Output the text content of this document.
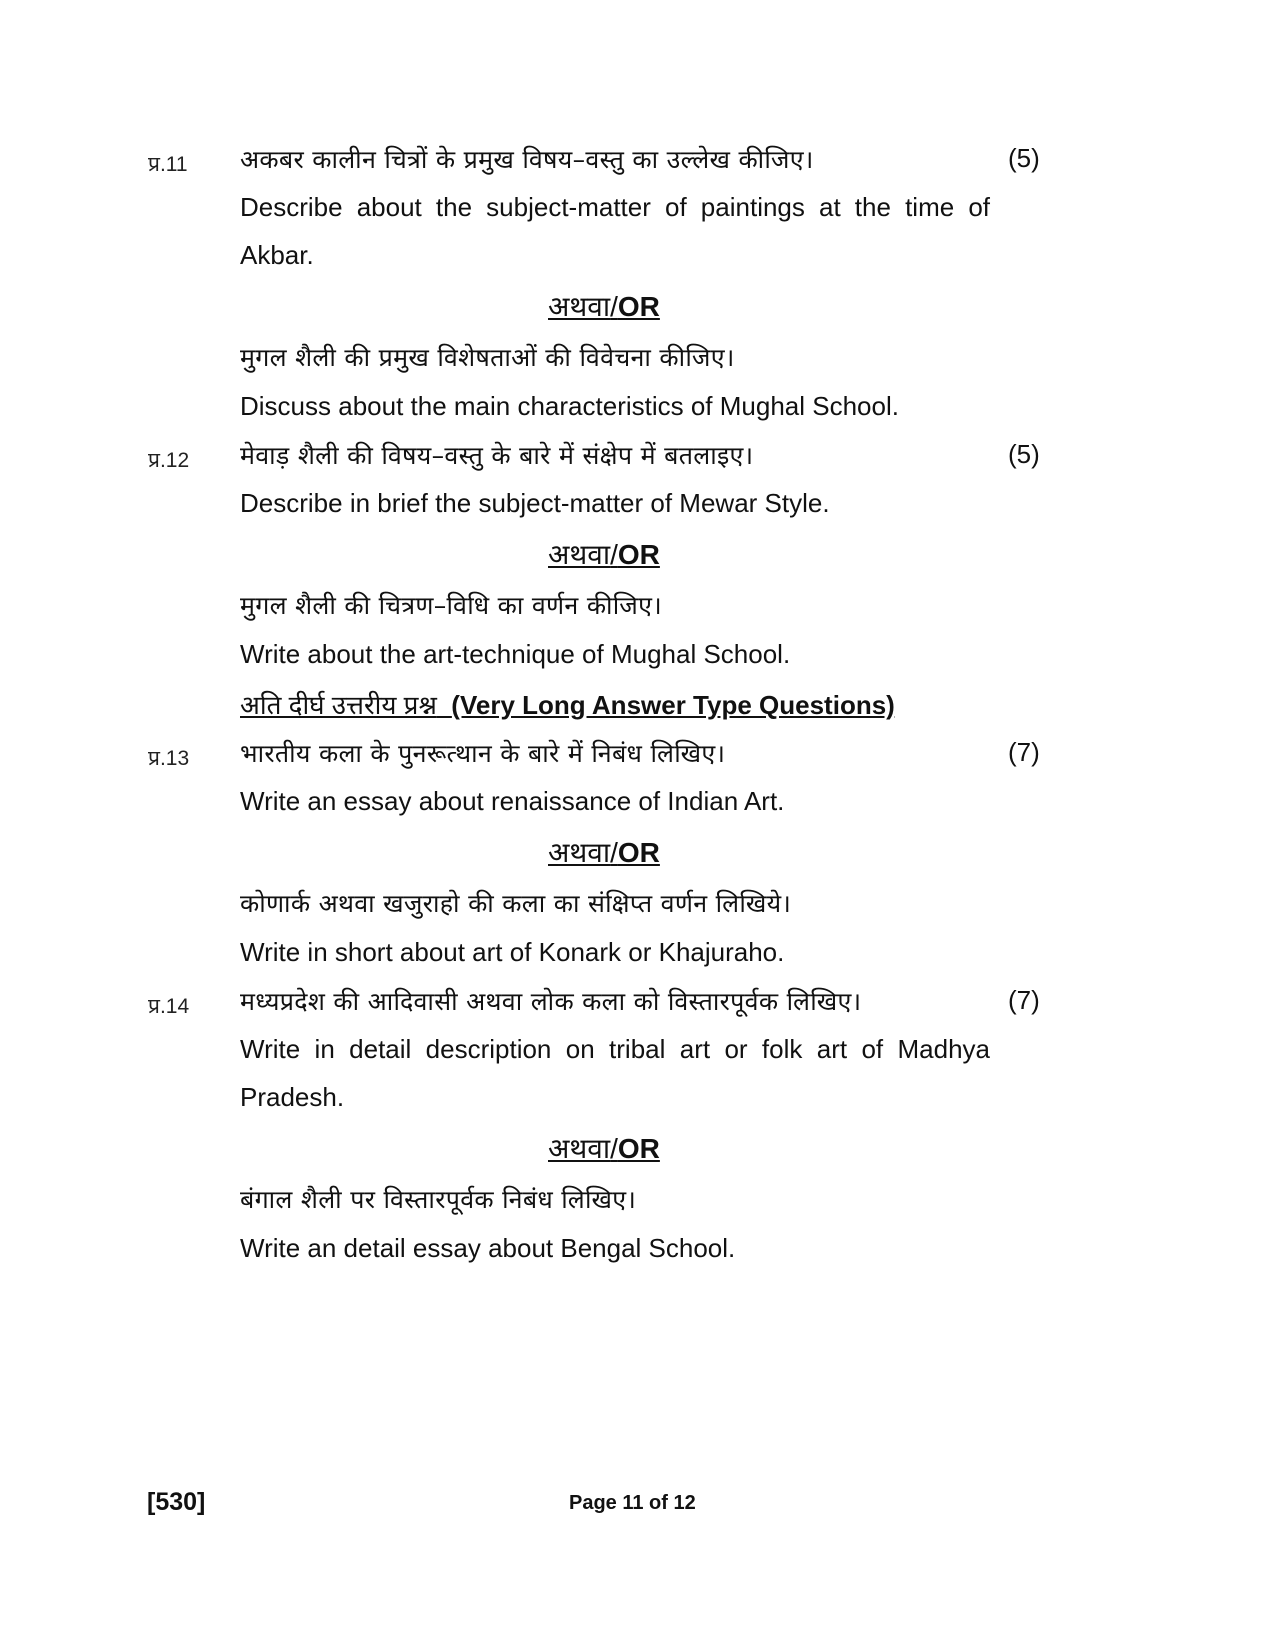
प्र.11 अकबर कालीन चित्रों के प्रमुख विषय–वस्तु का उल्लेख कीजिए।	(5)
Describe about the subject-matter of paintings at the time of
Akbar.
अथवा/OR
मुगल शैली की प्रमुख विशेषताओं की विवेचना कीजिए।
Discuss about the main characteristics of Mughal School.
प्र.12 मेवाड़ शैली की विषय–वस्तु के बारे में संक्षेप में बतलाइए।	(5)
Describe in brief the subject-matter of Mewar Style.
अथवा/OR
मुगल शैली की चित्रण–विधि का वर्णन कीजिए।
Write about the art-technique of Mughal School.
अति दीर्घ उत्तरीय प्रश्न (Very Long Answer Type Questions)
प्र.13 भारतीय कला के पुनरूत्थान के बारे में निबंध लिखिए।	(7)
Write an essay about renaissance of Indian Art.
अथवा/OR
कोणार्क अथवा खजुराहो की कला का संक्षिप्त वर्णन लिखिये।
Write in short about art of Konark or Khajuraho.
प्र.14 मध्यप्रदेश की आदिवासी अथवा लोक कला को विस्तारपूर्वक लिखिए।	(7)
Write in detail description on tribal art or folk art of Madhya
Pradesh.
अथवा/OR
बंगाल शैली पर विस्तारपूर्वक निबंध लिखिए।
Write an detail essay about Bengal School.
[530]	Page 11 of 12
